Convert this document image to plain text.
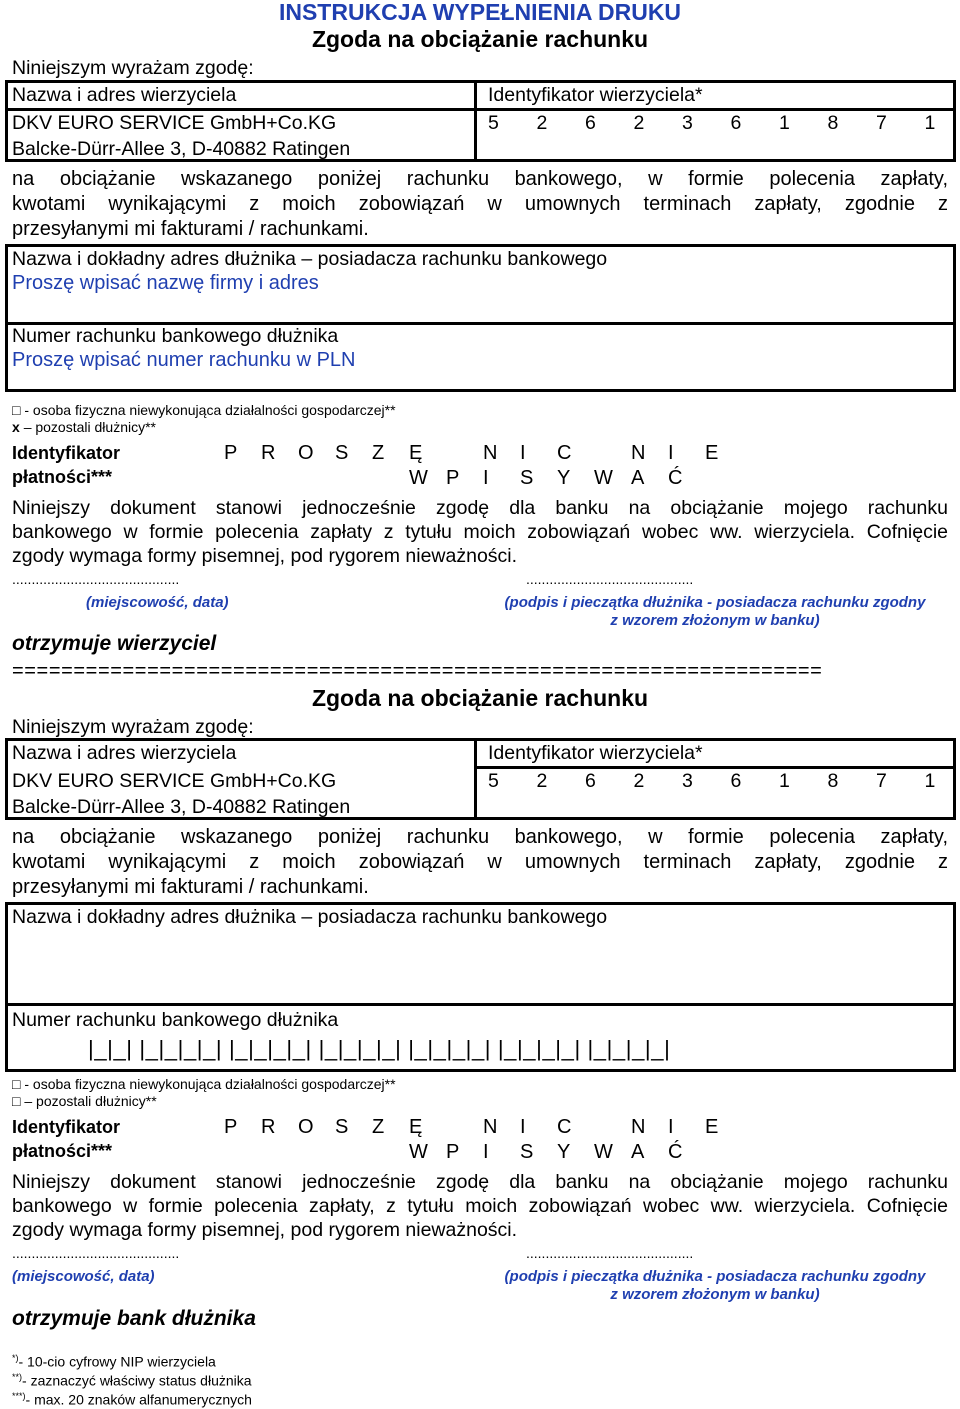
INSTRUKCJA WYPEŁNIENIA DRUKU
Zgoda na obciążanie rachunku
Niniejszym wyrażam zgodę:
Nazwa i adres wierzyciela	Identyfikator wierzyciela*
DKV EURO SERVICE GmbH+Co.KG
Balcke-Dürr-Allee 3, D-40882 Ratingen
5 2 6 2 3 6 1 8 7 1
na obciążanie wskazanego poniżej rachunku bankowego, w formie polecenia zapłaty,
kwotami wynikającymi z moich zobowiązań w umownych terminach zapłaty, zgodnie z
przesyłanymi mi fakturami / rachunkami.
Nazwa i dokładny adres dłużnika – posiadacza rachunku bankowego
Proszę wpisać nazwę firmy i adres
Numer rachunku bankowego dłużnika
Proszę wpisać numer rachunku w PLN
□ - osoba fizyczna niewykonująca działalności gospodarczej**
x – pozostali dłużnicy**
Identyfikator
płatności***
P	R	O	S	Z	Ę	N	I	C	N	I	E
W P	I	S	Y	W A	Ć
Niniejszy dokument stanowi jednocześnie zgodę dla banku na obciążanie mojego rachunku
bankowego w formie polecenia zapłaty z tytułu moich zobowiązań wobec ww. wierzyciela. Cofnięcie
zgody wymaga formy pisemnej, pod rygorem nieważności.
...........................................	...........................................
(miejscowość, data)	(podpis i pieczątka dłużnika - posiadacza rachunku zgodny
z wzorem złożonym w banku)
otrzymuje wierzyciel
==================================================================
Zgoda na obciążanie rachunku
Niniejszym wyrażam zgodę:
Nazwa i adres wierzyciela	Identyfikator wierzyciela*
DKV EURO SERVICE GmbH+Co.KG
Balcke-Dürr-Allee 3, D-40882 Ratingen
5 2 6 2 3 6 1 8 7 1
na obciążanie wskazanego poniżej rachunku bankowego, w formie polecenia zapłaty,
kwotami wynikającymi z moich zobowiązań w umownych terminach zapłaty, zgodnie z
przesyłanymi mi fakturami / rachunkami.
Nazwa i dokładny adres dłużnika – posiadacza rachunku bankowego
Numer rachunku bankowego dłużnika
|_|_| |_|_|_|_| |_|_|_|_| |_|_|_|_| |_|_|_|_| |_|_|_|_| |_|_|_|_|
□ - osoba fizyczna niewykonująca działalności gospodarczej**
□ – pozostali dłużnicy**
Identyfikator
płatności***
P	R	O	S	Z	Ę	N	I	C	N	I	E
W P	I	S	Y	W A	Ć
Niniejszy dokument stanowi jednocześnie zgodę dla banku na obciążanie mojego rachunku
bankowego w formie polecenia zapłaty, z tytułu moich zobowiązań wobec ww. wierzyciela. Cofnięcie
zgody wymaga formy pisemnej, pod rygorem nieważności.
...........................................	...........................................
(miejscowość, data)	(podpis i pieczątka dłużnika - posiadacza rachunku zgodny
z wzorem złożonym w banku)
otrzymuje bank dłużnika
*)- 10-cio cyfrowy NIP wierzyciela
**)- zaznaczyć właściwy status dłużnika
***)- max. 20 znaków alfanumerycznych
